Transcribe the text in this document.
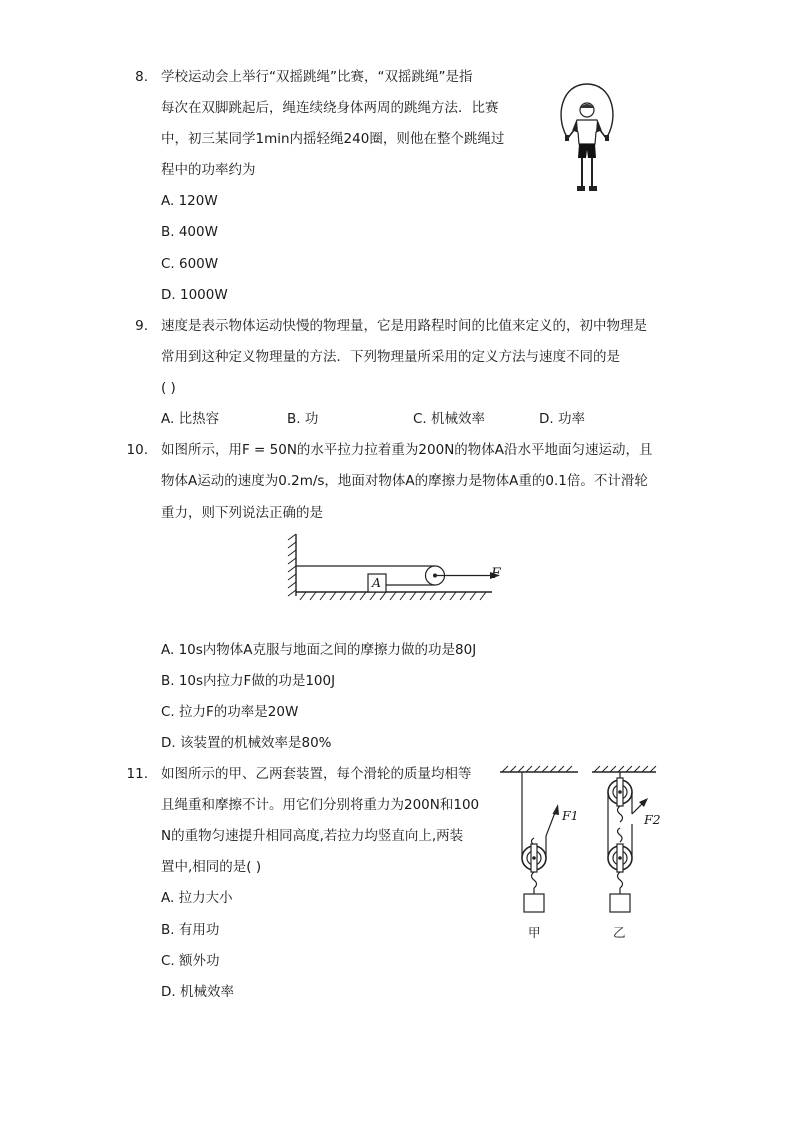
8. 学校运动会上举行“双摇跳绳”比赛，“双摇跳绳”是指
每次在双脚跳起后，绳连续绕身体两周的跳绳方法．比赛
中，初三某同学1min内摇轻绳240圈，则他在整个跳绳过
程中的功率约为
A. 120W
B. 400W
C. 600W
D. 1000W
9. 速度是表示物体运动快慢的物理量，它是用路程时间的比值来定义的，初中物理是
常用到这种定义物理量的方法．下列物理量所采用的定义方法与速度不同的是
( )
A. 比热容	B. 功	C. 机械效率	D. 功率
10. 如图所示，用F = 50N的水平拉力拉着重为200N的物体A沿水平地面匀速运动，且
物体A运动的速度为0.2m/s，地面对物体A的摩擦力是物体A重的0.1倍。不计滑轮
重力，则下列说法正确的是
A
F
A. 10s内物体A克服与地面之间的摩擦力做的功是80J
B. 10s内拉力F做的功是100J
C. 拉力F的功率是20W
D. 该装置的机械效率是80%
11. 如图所示的甲、乙两套装置，每个滑轮的质量均相等
且绳重和摩擦不计。用它们分别将重力为200N和100
N的重物匀速提升相同高度,若拉力均竖直向上,两装
置中,相同的是( )
A. 拉力大小
B. 有用功
C. 额外功
D. 机械效率
F1	F2
甲	乙
